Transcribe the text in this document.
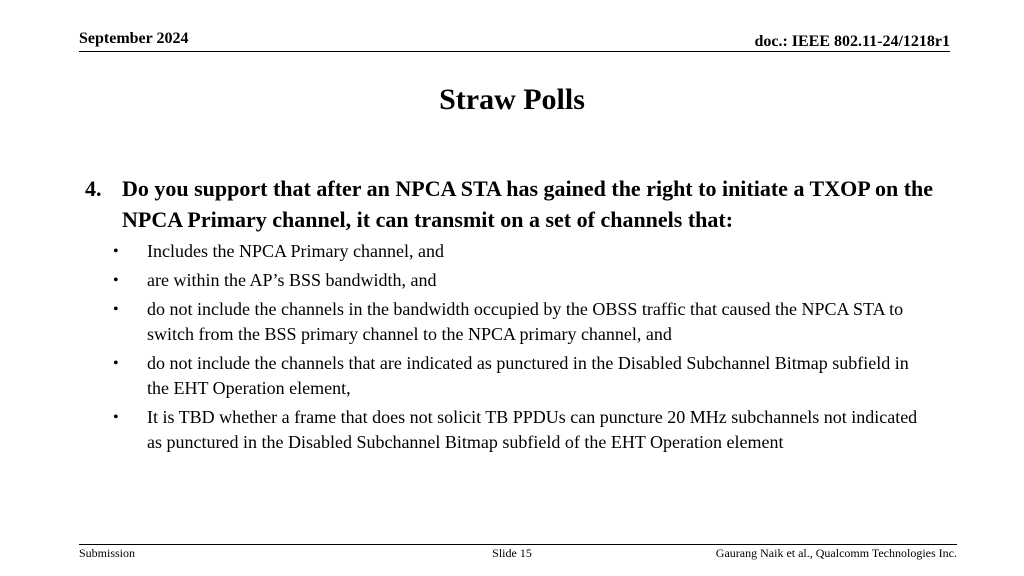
September 2024	doc.: IEEE 802.11-24/1218r1
Straw Polls
4. Do you support that after an NPCA STA has gained the right to initiate a TXOP on the NPCA Primary channel, it can transmit on a set of channels that:
•	Includes the NPCA Primary channel, and
•	are within the AP’s BSS bandwidth, and
•	do not include the channels in the bandwidth occupied by the OBSS traffic that caused the NPCA STA to switch from the BSS primary channel to the NPCA primary channel, and
•	do not include the channels that are indicated as punctured in the Disabled Subchannel Bitmap subfield in the EHT Operation element,
•	It is TBD whether a frame that does not solicit TB PPDUs can puncture 20 MHz subchannels not indicated as punctured in the Disabled Subchannel Bitmap subfield of the EHT Operation element
Submission	Slide 15	Gaurang Naik et al., Qualcomm Technologies Inc.
